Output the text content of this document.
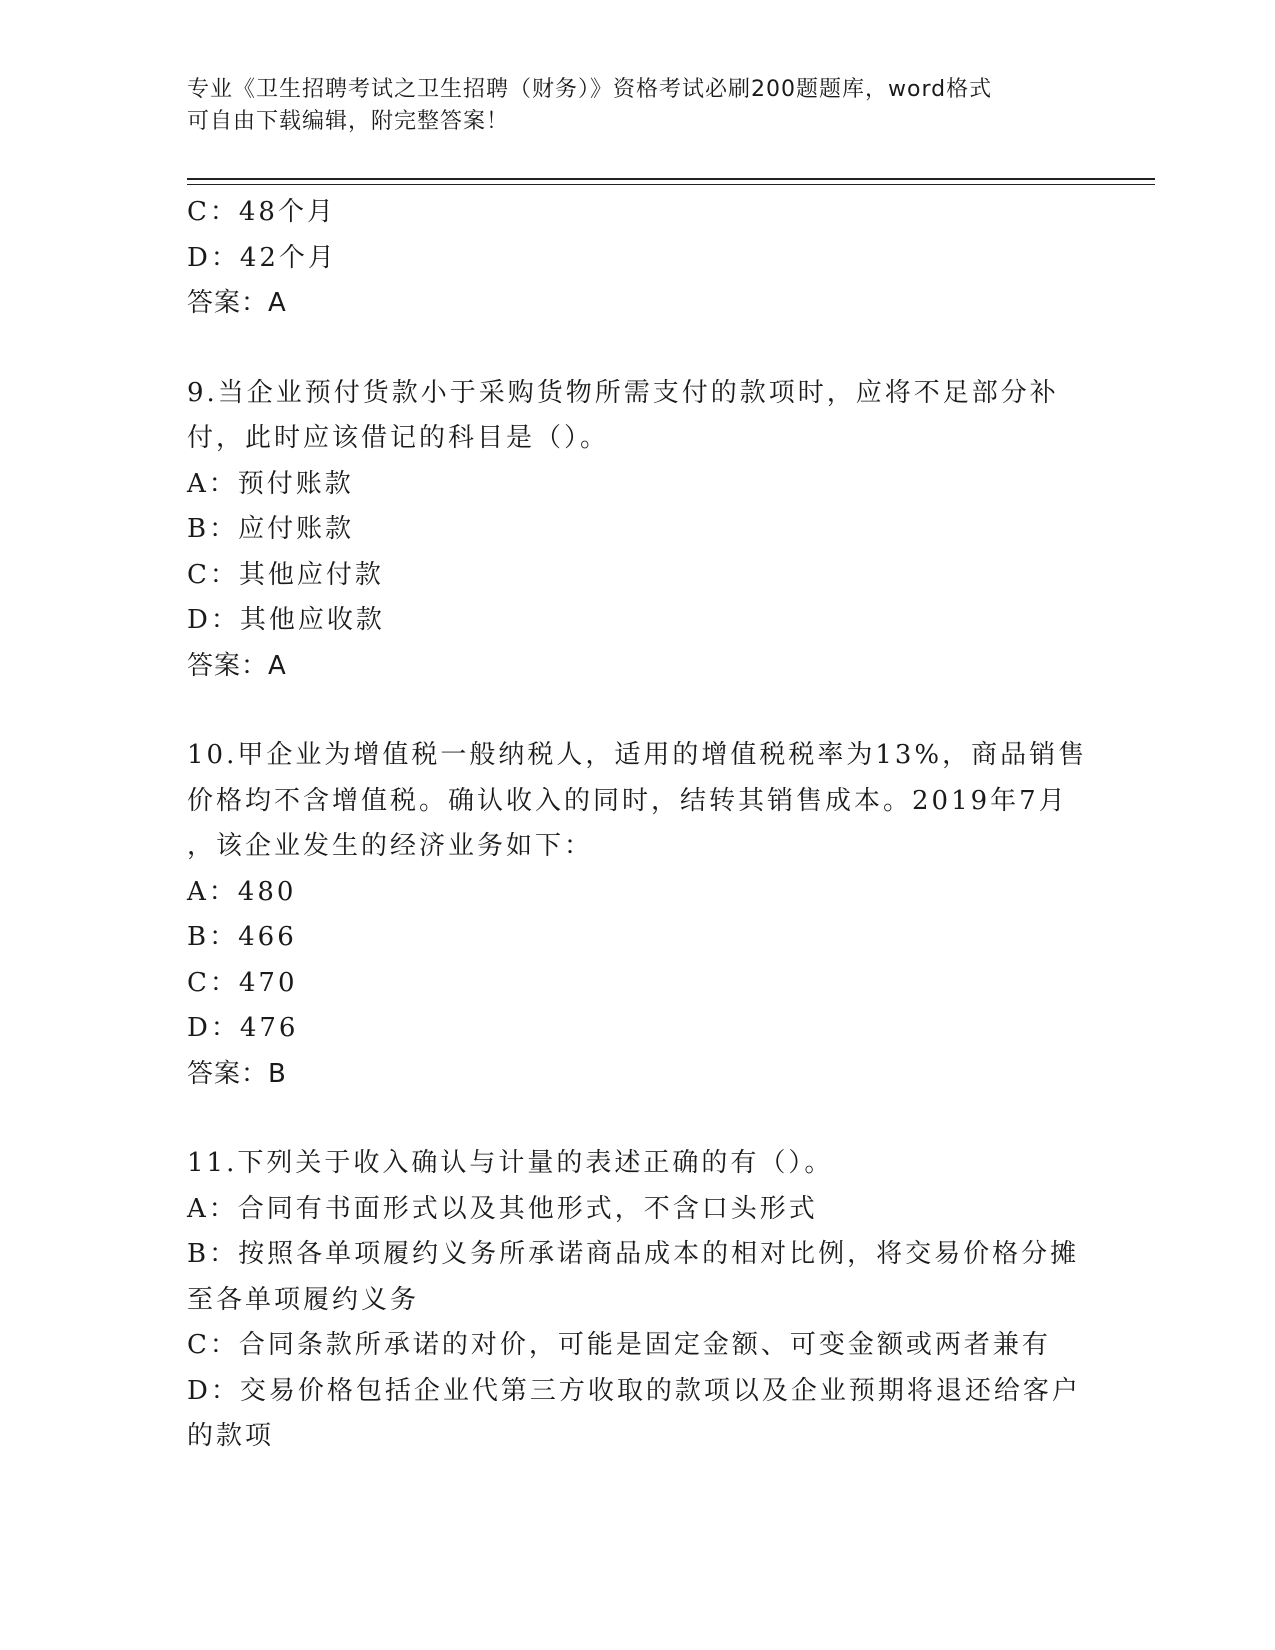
专业《卫生招聘考试之卫生招聘（财务）》资格考试必刷200题题库，word格式
可自由下载编辑，附完整答案！
C：48个月
D：42个月
答案：A
9.当企业预付货款小于采购货物所需支付的款项时，应将不足部分补
付，此时应该借记的科目是（）。
A：预付账款
B：应付账款
C：其他应付款
D：其他应收款
答案：A
10.甲企业为增值税一般纳税人，适用的增值税税率为13%，商品销售
价格均不含增值税。确认收入的同时，结转其销售成本。2019年7月
，该企业发生的经济业务如下：
A：480
B：466
C：470
D：476
答案：B
11.下列关于收入确认与计量的表述正确的有（）。
A：合同有书面形式以及其他形式，不含口头形式
B：按照各单项履约义务所承诺商品成本的相对比例，将交易价格分摊
至各单项履约义务
C：合同条款所承诺的对价，可能是固定金额、可变金额或两者兼有
D：交易价格包括企业代第三方收取的款项以及企业预期将退还给客户
的款项
